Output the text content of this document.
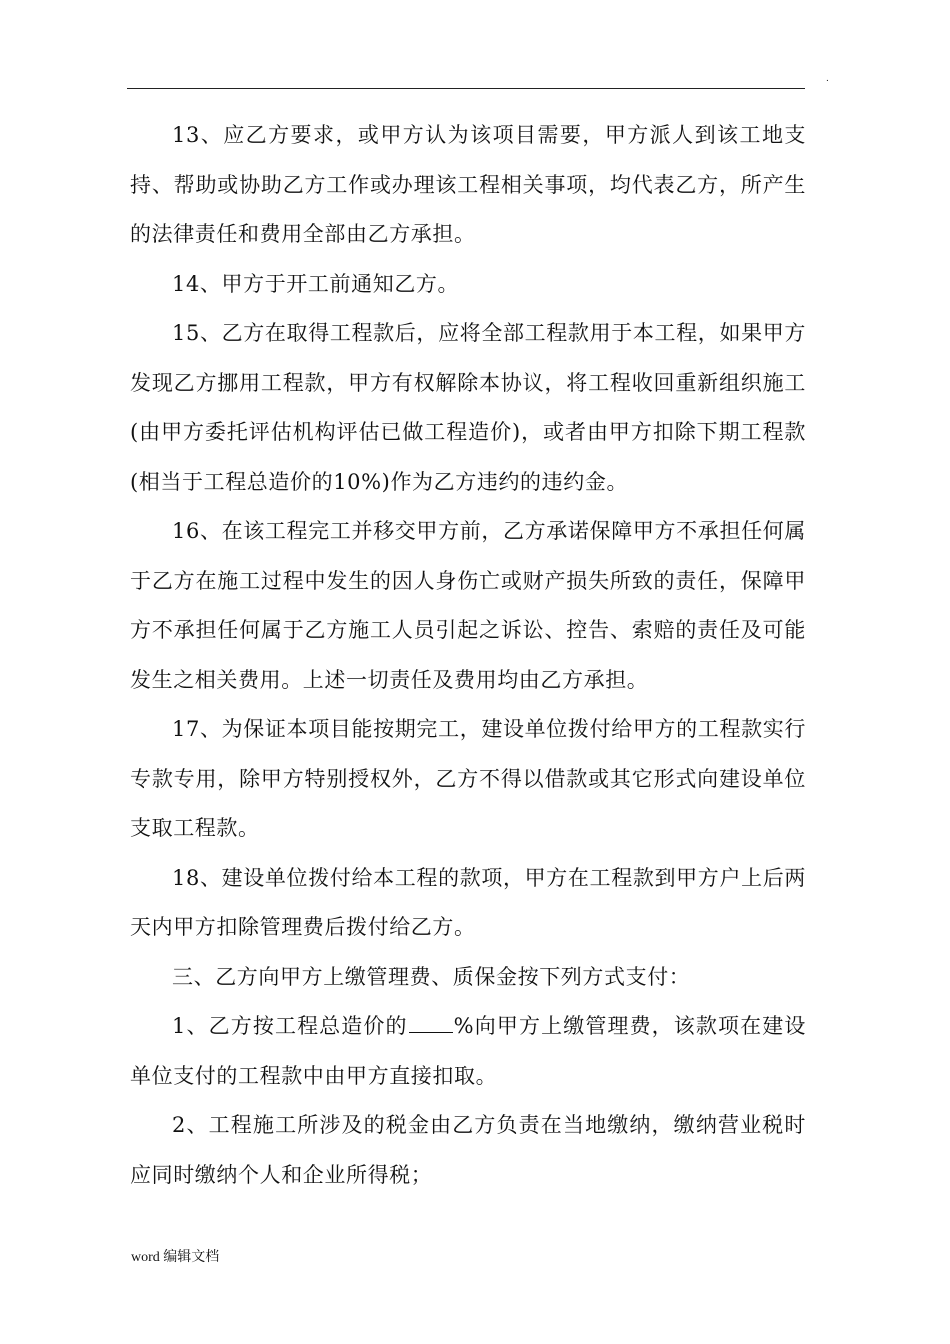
.

13、应乙方要求，或甲方认为该项目需要，甲方派人到该工地支持、帮助或协助乙方工作或办理该工程相关事项，均代表乙方，所产生的法律责任和费用全部由乙方承担。

14、甲方于开工前通知乙方。

15、乙方在取得工程款后，应将全部工程款用于本工程，如果甲方发现乙方挪用工程款，甲方有权解除本协议，将工程收回重新组织施工(由甲方委托评估机构评估已做工程造价)，或者由甲方扣除下期工程款(相当于工程总造价的10%)作为乙方违约的违约金。

16、在该工程完工并移交甲方前，乙方承诺保障甲方不承担任何属于乙方在施工过程中发生的因人身伤亡或财产损失所致的责任，保障甲方不承担任何属于乙方施工人员引起之诉讼、控告、索赔的责任及可能发生之相关费用。上述一切责任及费用均由乙方承担。

17、为保证本项目能按期完工，建设单位拨付给甲方的工程款实行专款专用，除甲方特别授权外，乙方不得以借款或其它形式向建设单位支取工程款。

18、建设单位拨付给本工程的款项，甲方在工程款到甲方户上后两天内甲方扣除管理费后拨付给乙方。

三、乙方向甲方上缴管理费、质保金按下列方式支付：

1、乙方按工程总造价的 %向甲方上缴管理费，该款项在建设单位支付的工程款中由甲方直接扣取。

2、工程施工所涉及的税金由乙方负责在当地缴纳，缴纳营业税时应同时缴纳个人和企业所得税；

word 编辑文档
